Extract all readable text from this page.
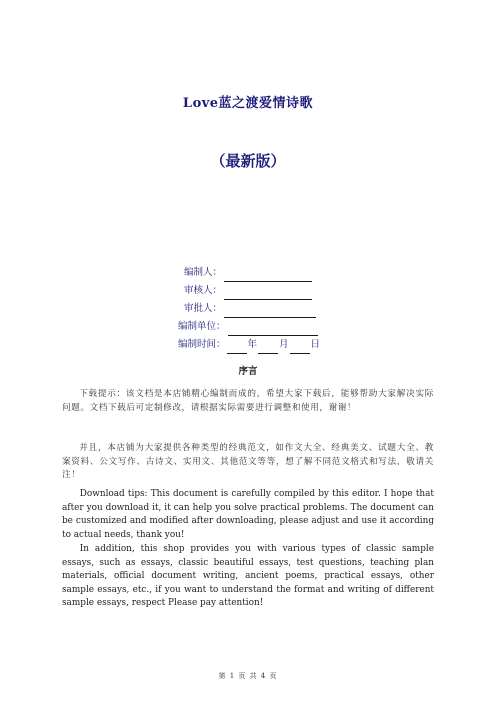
Love蓝之渡爱情诗歌
（最新版）
编制人：
审核人：
审批人：
编制单位：
编制时间： 年 月 日
序言

下载提示：该文档是本店铺精心编制而成的，希望大家下载后，能够帮助大家解决实际问题。文档下载后可定制修改，请根据实际需要进行调整和使用，谢谢！

并且，本店铺为大家提供各种类型的经典范文，如作文大全、经典美文、试题大全、教案资料、公文写作、古诗文、实用文、其他范文等等，想了解不同范文格式和写法，敬请关注！

Download tips: This document is carefully compiled by this editor. I hope that after you download it, it can help you solve practical problems. The document can be customized and modified after downloading, please adjust and use it according to actual needs, thank you!

In addition, this shop provides you with various types of classic sample essays, such as essays, classic beautiful essays, test questions, teaching plan materials, official document writing, ancient poems, practical essays, other sample essays, etc., if you want to understand the format and writing of different sample essays, respect Please pay attention!

第 1 页 共 4 页
